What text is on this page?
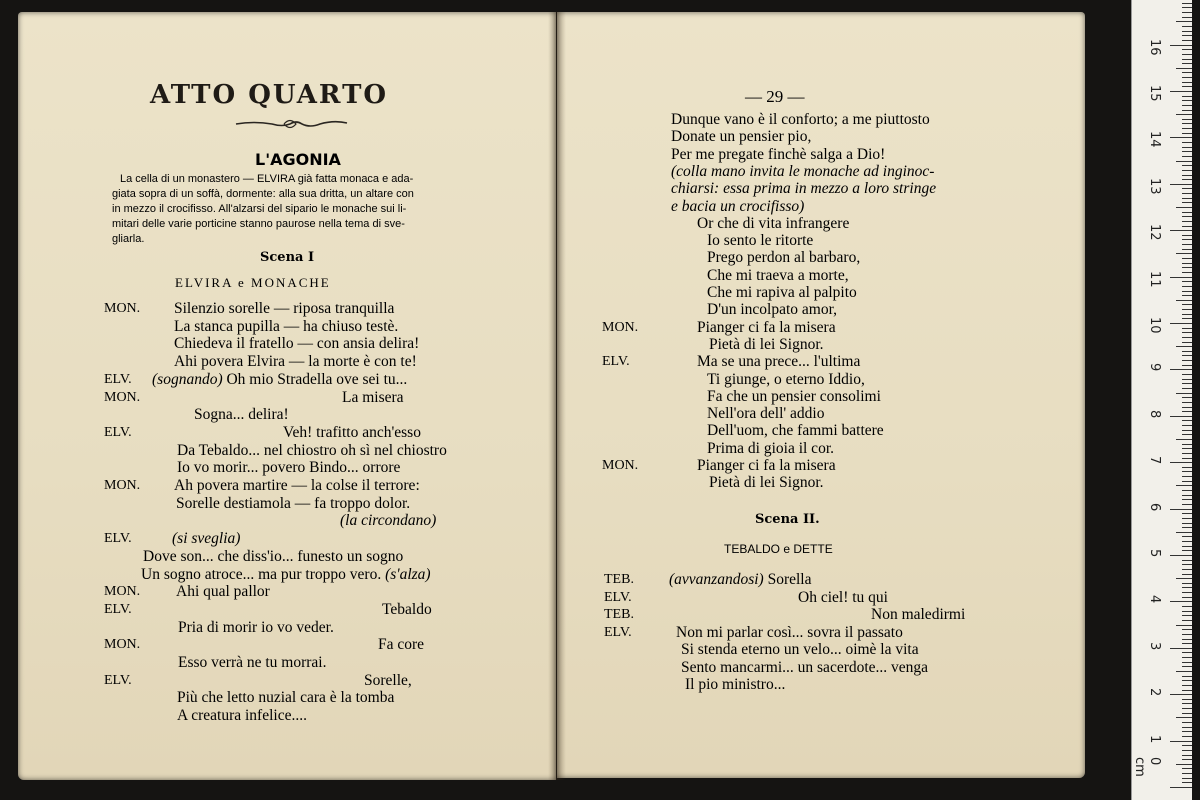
ATTO QUARTO
L'AGONIA
La cella di un monastero — ELVIRA già fatta monaca e ada-
giata sopra di un soffà, dormente: alla sua dritta, un altare con
in mezzo il crocifisso. All'alzarsi del sipario le monache sui li-
mitari delle varie porticine stanno paurose nella tema di sve-
gliarla.
Scena I
ELVIRA e MONACHE
MON. Silenzio sorelle — riposa tranquilla
La stanca pupilla — ha chiuso testè.
Chiedeva il fratello — con ansia delira!
Ahi povera Elvira — la morte è con te!
ELV. (sognando) Oh mio Stradella ove sei tu...
MON.	La misera
Sogna... delira!
ELV.	Veh! trafitto anch'esso
Da Tebaldo... nel chiostro oh sì nel chiostro
Io vo morir... povero Bindo... orrore
MON. Ah povera martire — la colse il terrore:
Sorelle destiamola — fa troppo dolor.
(la circondano)
ELV.	(si sveglia)
Dove son... che diss'io... funesto un sogno
Un sogno atroce... ma pur troppo vero. (s'alza)
MON. Ahi qual pallor
ELV.	Tebaldo
Pria di morir io vo veder.
MON.	Fa core
Esso verrà ne tu morrai.
ELV.	Sorelle,
Più che letto nuzial cara è la tomba
A creatura infelice....
— 29 —
Dunque vano è il conforto; a me piuttosto
Donate un pensier pio,
Per me pregate finchè salga a Dio!
(colla mano invita le monache ad inginoc-
chiarsi: essa prima in mezzo a loro stringe
e bacia un crocifisso)
Or che di vita infrangere
Io sento le ritorte
Prego perdon al barbaro,
Che mi traeva a morte,
Che mi rapiva al palpito
D'un incolpato amor,
MON.	Pianger ci fa la misera
Pietà di lei Signor.
ELV.	Ma se una prece... l'ultima
Ti giunge, o eterno Iddio,
Fa che un pensier consolimi
Nell'ora dell' addio
Dell'uom, che fammi battere
Prima di gioia il cor.
MON.	Pianger ci fa la misera
Pietà di lei Signor.
Scena II.
TEBALDO e DETTE
TEB. (avvanzandosi) Sorella
ELV.	Oh ciel! tu qui
TEB.	Non maledirmi
ELV.	Non mi parlar così... sovra il passato
Si stenda eterno un velo... oimè la vita
Sento mancarmi... un sacerdote... venga
Il pio ministro...
0 cm
1
2
3
4
5
6
7
8
9
10
11
12
13
14
15
16
